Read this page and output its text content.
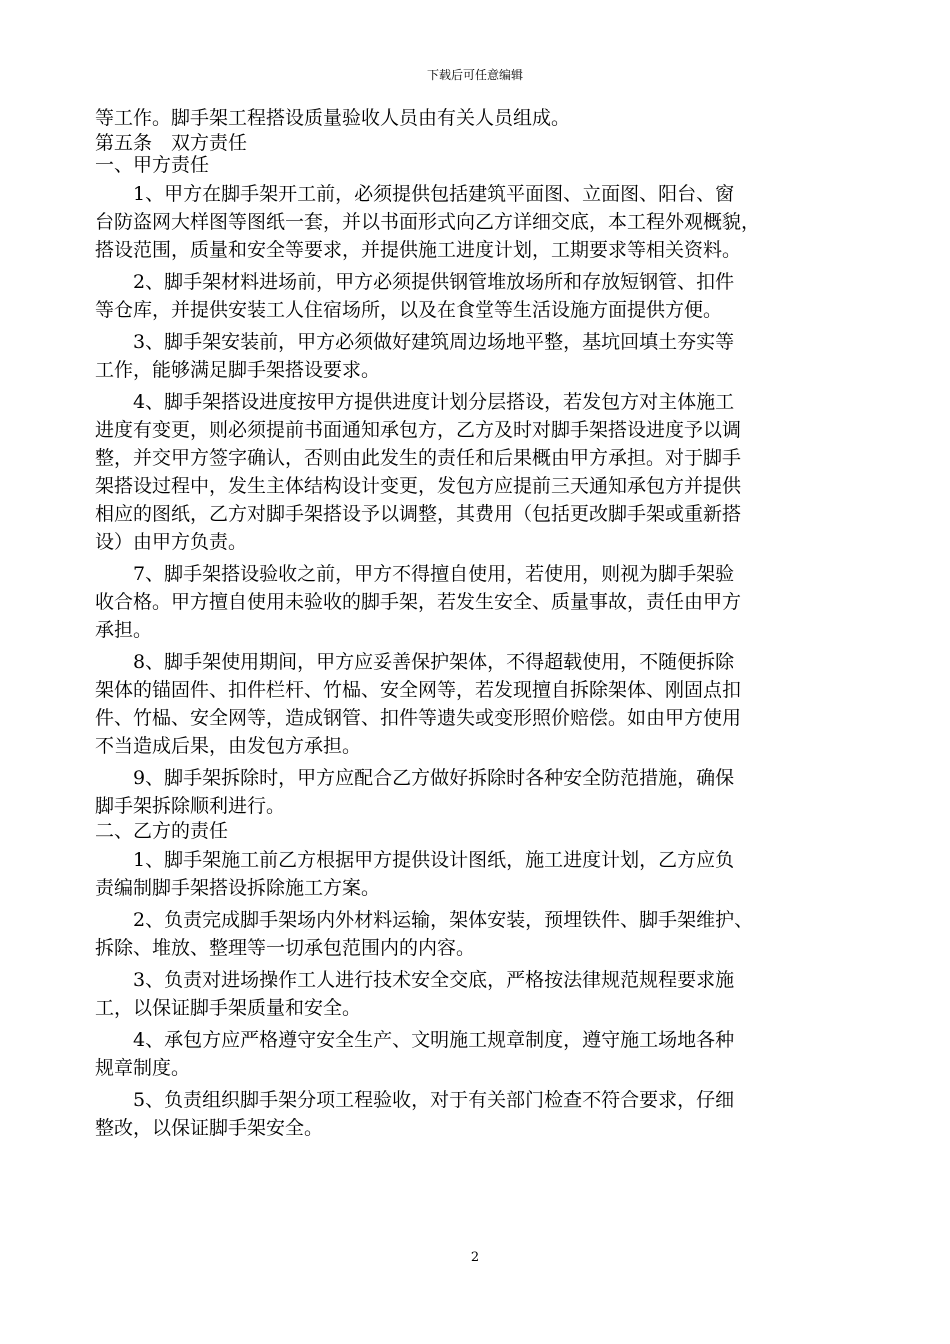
下载后可任意编辑
等工作。脚手架工程搭设质量验收人员由有关人员组成。
第五条　双方责任
一、甲方责任
1、甲方在脚手架开工前，必须提供包括建筑平面图、立面图、阳台、窗
台防盗网大样图等图纸一套，并以书面形式向乙方详细交底，本工程外观概貌，
搭设范围，质量和安全等要求，并提供施工进度计划，工期要求等相关资料。
2、脚手架材料进场前，甲方必须提供钢管堆放场所和存放短钢管、扣件
等仓库，并提供安装工人住宿场所，以及在食堂等生活设施方面提供方便。
3、脚手架安装前，甲方必须做好建筑周边场地平整，基坑回填土夯实等
工作，能够满足脚手架搭设要求。
4、脚手架搭设进度按甲方提供进度计划分层搭设，若发包方对主体施工
进度有变更，则必须提前书面通知承包方，乙方及时对脚手架搭设进度予以调
整，并交甲方签字确认，否则由此发生的责任和后果概由甲方承担。对于脚手
架搭设过程中，发生主体结构设计变更，发包方应提前三天通知承包方并提供
相应的图纸，乙方对脚手架搭设予以调整，其费用（包括更改脚手架或重新搭
设）由甲方负责。
7、脚手架搭设验收之前，甲方不得擅自使用，若使用，则视为脚手架验
收合格。甲方擅自使用未验收的脚手架，若发生安全、质量事故，责任由甲方
承担。
8、脚手架使用期间，甲方应妥善保护架体，不得超载使用，不随便拆除
架体的锚固件、扣件栏杆、竹榀、安全网等，若发现擅自拆除架体、刚固点扣
件、竹榀、安全网等，造成钢管、扣件等遗失或变形照价赔偿。如由甲方使用
不当造成后果，由发包方承担。
9、脚手架拆除时，甲方应配合乙方做好拆除时各种安全防范措施，确保
脚手架拆除顺利进行。
二、乙方的责任
1、脚手架施工前乙方根据甲方提供设计图纸，施工进度计划，乙方应负
责编制脚手架搭设拆除施工方案。
2、负责完成脚手架场内外材料运输，架体安装，预埋铁件、脚手架维护、
拆除、堆放、整理等一切承包范围内的内容。
3、负责对进场操作工人进行技术安全交底，严格按法律规范规程要求施
工，以保证脚手架质量和安全。
4、承包方应严格遵守安全生产、文明施工规章制度，遵守施工场地各种
规章制度。
5、负责组织脚手架分项工程验收，对于有关部门检查不符合要求，仔细
整改，以保证脚手架安全。
2
